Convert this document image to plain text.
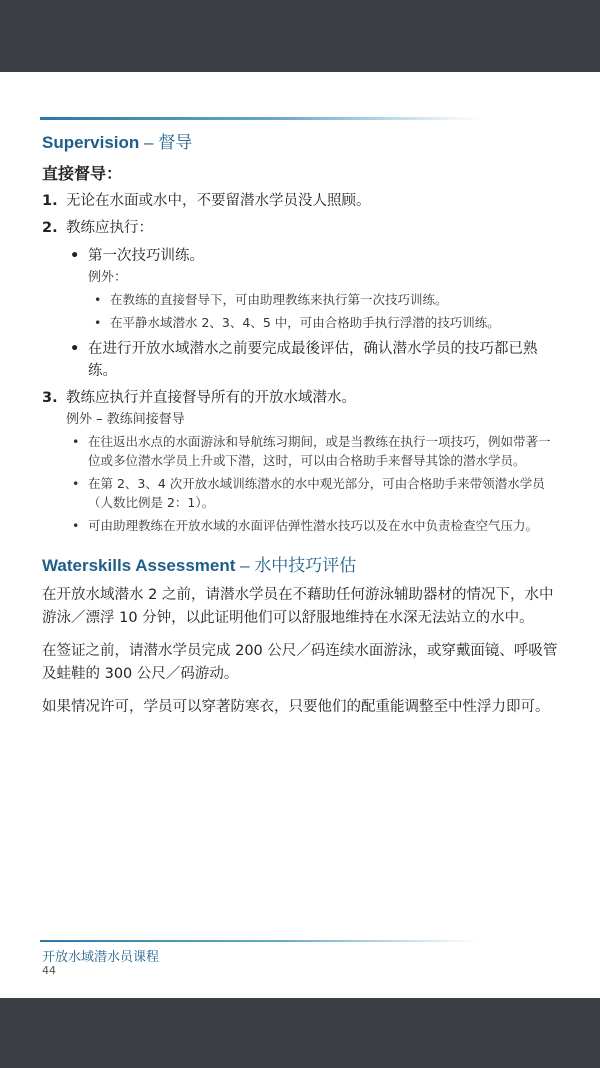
Supervision – 督导
直接督导：
1. 无论在水面或水中，不要留潜水学员没人照顾。
2. 教练应执行：
• 第一次技巧训练。
例外：
• 在教练的直接督导下，可由助理教练来执行第一次技巧训练。
• 在平静水域潜水 2、3、4、5 中，可由合格助手执行浮潜的技巧训练。
• 在进行开放水域潜水之前要完成最後评估，确认潜水学员的技巧都已熟练。
3. 教练应执行并直接督导所有的开放水域潜水。
例外 – 教练间接督导
• 在往返出水点的水面游泳和导航练习期间，或是当教练在执行一项技巧，例如带著一位或多位潜水学员上升或下潜，这时，可以由合格助手来督导其馀的潜水学员。
• 在第 2、3、4 次开放水域训练潜水的水中观光部分，可由合格助手来带领潜水学员（人数比例是 2：1）。
• 可由助理教练在开放水域的水面评估弹性潜水技巧以及在水中负责检查空气压力。
Waterskills Assessment – 水中技巧评估

在开放水域潜水 2 之前，请潜水学员在不藉助任何游泳辅助器材的情况下，水中游泳／漂浮 10 分钟，以此证明他们可以舒服地维持在水深无法站立的水中。

在签证之前，请潜水学员完成 200 公尺／码连续水面游泳，或穿戴面镜、呼吸管及蛙鞋的 300 公尺／码游动。

如果情况许可，学员可以穿著防寒衣，只要他们的配重能调整至中性浮力即可。

开放水域潜水员课程
44
